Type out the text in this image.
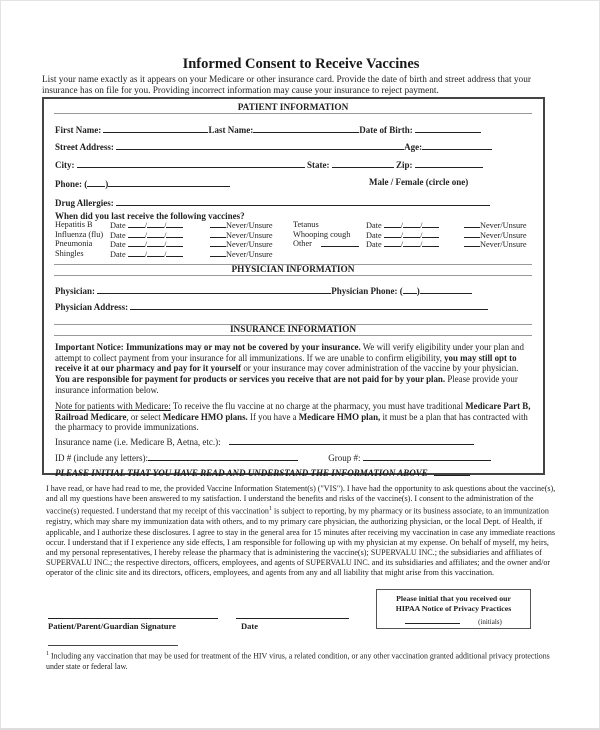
Informed Consent to Receive Vaccines
List your name exactly as it appears on your Medicare or other insurance card. Provide the date of birth and street address that your insurance has on file for you. Providing incorrect information may cause your insurance to reject payment.
PATIENT INFORMATION
First Name:	Last Name:	Date of Birth:
Street Address:	Age:
City:	State:	Zip:
Phone: ( )	Male / Female (circle one)
Drug Allergies:
When did you last receive the following vaccines?
Hepatitis B Date / /	Never/Unsure
Influenza (flu) Date / /	Never/Unsure
Pneumonia Date / /	Never/Unsure
Shingles	Date / /	Never/Unsure
Tetanus	Date / /	Never/Unsure
Whooping cough Date / /	Never/Unsure
Other	Date / /	Never/Unsure
PHYSICIAN INFORMATION
Physician:	Physician Phone: ( )
Physician Address:
INSURANCE INFORMATION
Important Notice: Immunizations may or may not be covered by your insurance. We will verify eligibility under your plan and attempt to collect payment from your insurance for all immunizations. If we are unable to confirm eligibility, you may still opt to receive it at our pharmacy and pay for it yourself or your insurance may cover administration of the vaccine by your physician. You are responsible for payment for products or services you receive that are not paid for by your plan. Please provide your insurance information below.
Note for patients with Medicare: To receive the flu vaccine at no charge at the pharmacy, you must have traditional Medicare Part B, Railroad Medicare, or select Medicare HMO plans. If you have a Medicare HMO plan, it must be a plan that has contracted with the pharmacy to provide immunizations.
Insurance name (i.e. Medicare B, Aetna, etc.):
ID # (include any letters):	Group #:
PLEASE INITIAL THAT YOU HAVE READ AND UNDERSTAND THE INFORMATION ABOVE
I have read, or have had read to me, the provided Vaccine Information Statement(s) ("VIS"). I have had the opportunity to ask questions about the vaccine(s), and all my questions have been answered to my satisfaction. I understand the benefits and risks of the vaccine(s). I consent to the administration of the vaccine(s) requested. I understand that my receipt of this vaccination$^1$ is subject to reporting, by my pharmacy or its business associate, to an immunization registry, which may share my immunization data with others, and to my primary care physician, the authorizing physician, or the local Dept. of Health, if applicable, and I authorize these disclosures. I agree to stay in the general area for 15 minutes after receiving my vaccination in case any immediate reactions occur. I understand that if I experience any side effects, I am responsible for following up with my physician at my expense. On behalf of myself, my heirs, and my personal representatives, I hereby release the pharmacy that is administering the vaccine(s); SUPERVALU INC.; the subsidiaries and affiliates of SUPERVALU INC.; the respective directors, officers, employees, and agents of SUPERVALU INC. and its subsidiaries and affiliates; and the owner and/or operator of the clinic site and its directors, officers, employees, and agents from any and all liability that might arise from this vaccination.
Please initial that you received our
HIPAA Notice of Privacy Practices
(initials)
Patient/Parent/Guardian Signature	Date
$^1$ Including any vaccination that may be used for treatment of the HIV virus, a related condition, or any other vaccination granted additional privacy protections under state or federal law.
